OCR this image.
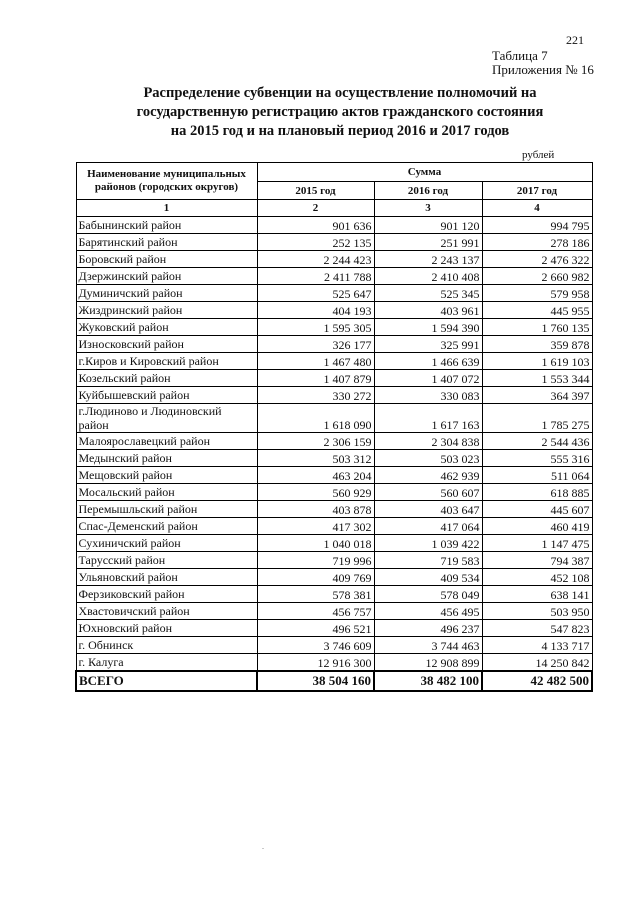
221
Таблица 7
Приложения № 16
Распределение субвенции на осуществление полномочий на
государственную регистрацию актов гражданского состояния
на 2015 год и на плановый период 2016 и 2017 годов
рублей
Наименование муниципальных районов (городских округов)	Сумма		
	2015 год	2016 год	2017 год
1	2	3	4
Бабынинский район	901 636	901 120	994 795
Барятинский район	252 135	251 991	278 186
Боровский район	2 244 423	2 243 137	2 476 322
Дзержинский район	2 411 788	2 410 408	2 660 982
Думиничский район	525 647	525 345	579 958
Жиздринский район	404 193	403 961	445 955
Жуковский район	1 595 305	1 594 390	1 760 135
Износковский район	326 177	325 991	359 878
г.Киров и Кировский район	1 467 480	1 466 639	1 619 103
Козельский район	1 407 879	1 407 072	1 553 344
Куйбышевский район	330 272	330 083	364 397
г.Людиново и Людиновский район	1 618 090	1 617 163	1 785 275
Малоярославецкий район	2 306 159	2 304 838	2 544 436
Медынский район	503 312	503 023	555 316
Мещовский район	463 204	462 939	511 064
Мосальский район	560 929	560 607	618 885
Перемышльский район	403 878	403 647	445 607
Спас-Деменский район	417 302	417 064	460 419
Сухиничский район	1 040 018	1 039 422	1 147 475
Тарусский район	719 996	719 583	794 387
Ульяновский район	409 769	409 534	452 108
Ферзиковский район	578 381	578 049	638 141
Хвастовичский район	456 757	456 495	503 950
Юхновский район	496 521	496 237	547 823
г. Обнинск	3 746 609	3 744 463	4 133 717
г. Калуга	12 916 300	12 908 899	14 250 842
ВСЕГО	38 504 160	38 482 100	42 482 500
.
